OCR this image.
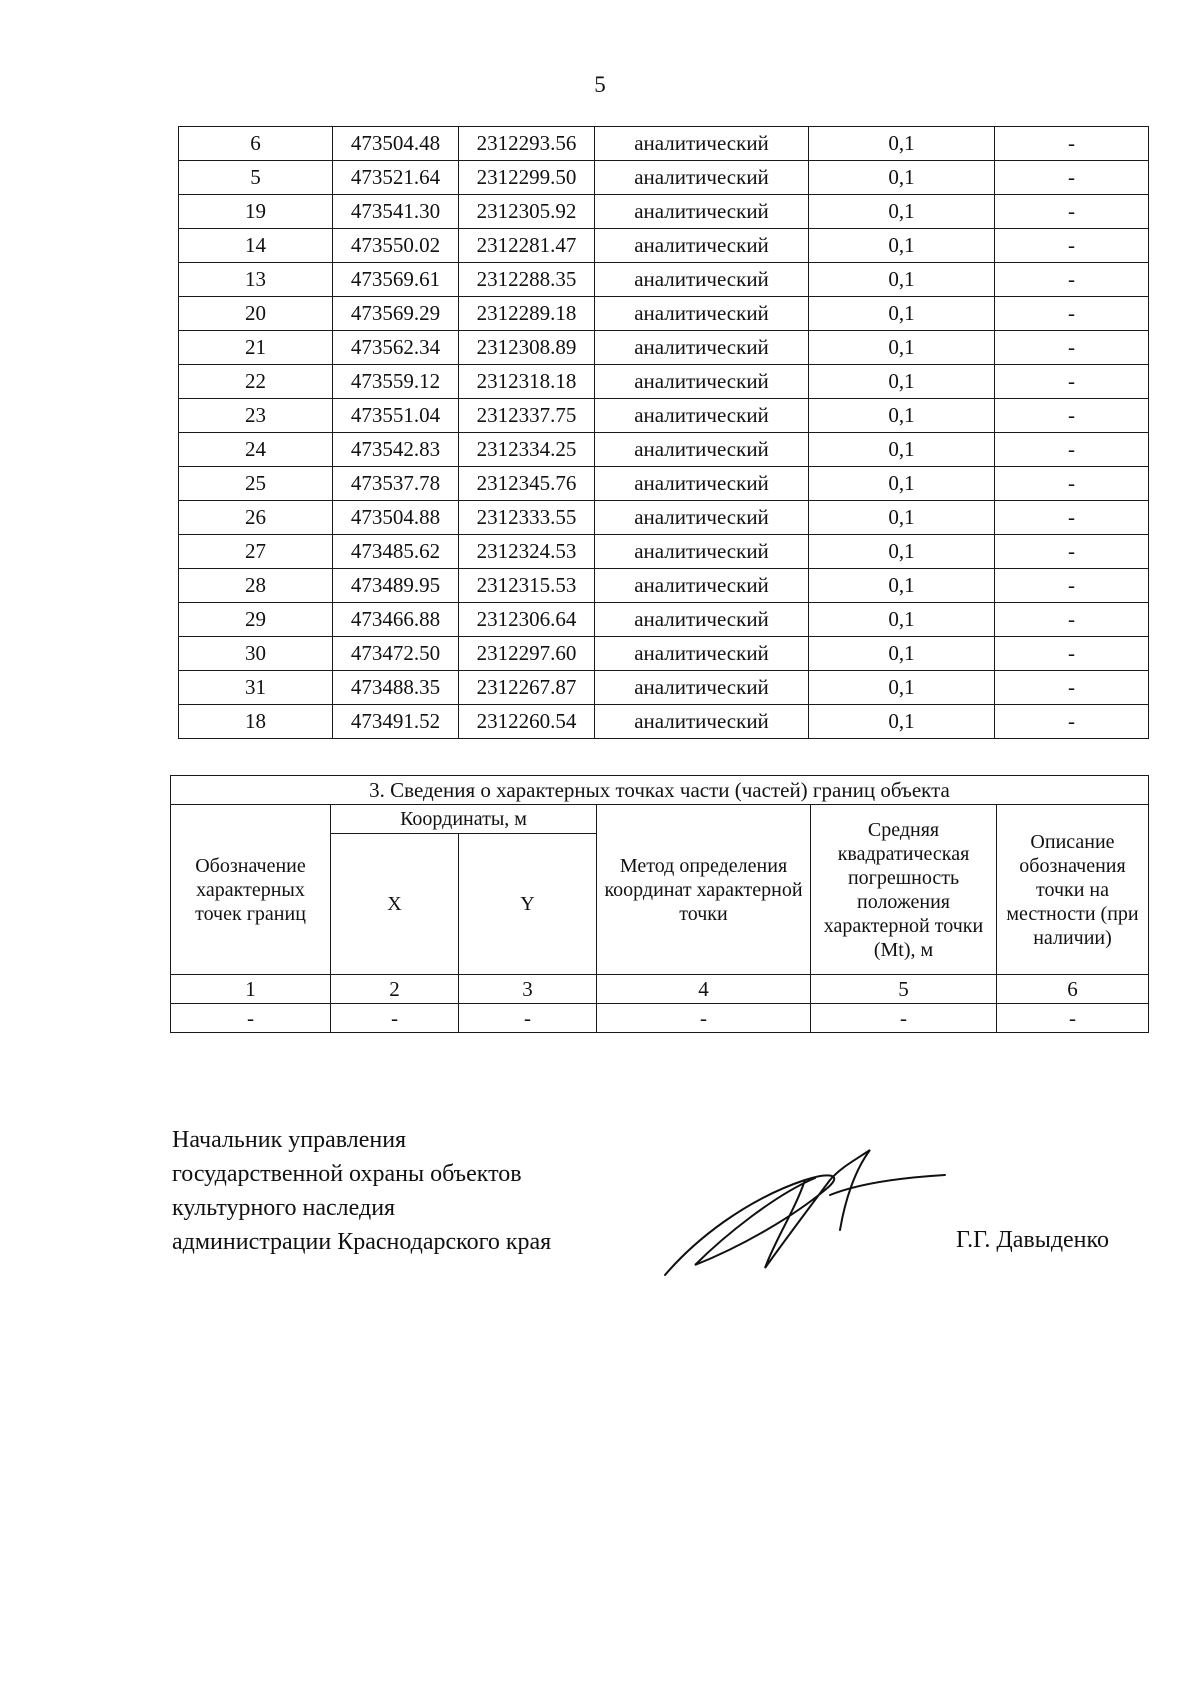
5
6	473504.48	2312293.56	аналитический	0,1	-
5	473521.64	2312299.50	аналитический	0,1	-
19	473541.30	2312305.92	аналитический	0,1	-
14	473550.02	2312281.47	аналитический	0,1	-
13	473569.61	2312288.35	аналитический	0,1	-
20	473569.29	2312289.18	аналитический	0,1	-
21	473562.34	2312308.89	аналитический	0,1	-
22	473559.12	2312318.18	аналитический	0,1	-
23	473551.04	2312337.75	аналитический	0,1	-
24	473542.83	2312334.25	аналитический	0,1	-
25	473537.78	2312345.76	аналитический	0,1	-
26	473504.88	2312333.55	аналитический	0,1	-
27	473485.62	2312324.53	аналитический	0,1	-
28	473489.95	2312315.53	аналитический	0,1	-
29	473466.88	2312306.64	аналитический	0,1	-
30	473472.50	2312297.60	аналитический	0,1	-
31	473488.35	2312267.87	аналитический	0,1	-
18	473491.52	2312260.54	аналитический	0,1	-
3. Сведения о характерных точках части (частей) границ объекта					
Обозначение характерных точек границ	Координаты, м		Метод определения координат характерной точки	Средняя квадратическая погрешность положения характерной точки (Mt), м	Описание обозначения точки на местности (при наличии)
	X	Y			
1	2	3	4	5	6
-	-	-	-	-	-
Начальник управления
государственной охраны объектов
культурного наследия
администрации Краснодарского края	Г.Г. Давыденко
